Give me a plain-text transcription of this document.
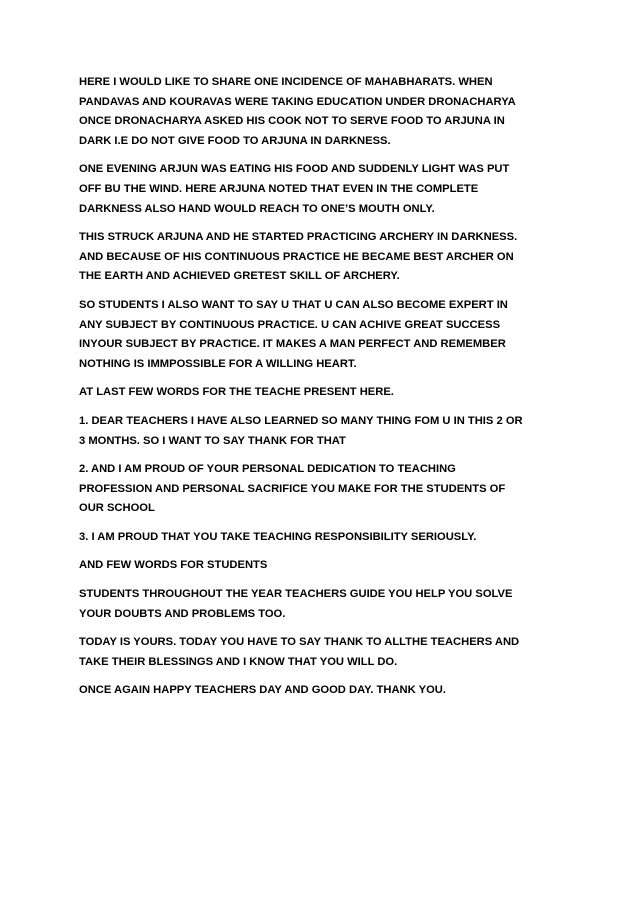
HERE I WOULD LIKE TO SHARE ONE INCIDENCE OF MAHABHARATS. WHEN
PANDAVAS AND KOURAVAS WERE TAKING EDUCATION UNDER DRONACHARYA
ONCE DRONACHARYA ASKED HIS COOK NOT TO SERVE FOOD TO ARJUNA IN
DARK I.E DO NOT GIVE FOOD TO ARJUNA IN DARKNESS.

ONE EVENING ARJUN WAS EATING HIS FOOD AND SUDDENLY LIGHT WAS PUT
OFF BU THE WIND. HERE ARJUNA NOTED THAT EVEN IN THE COMPLETE
DARKNESS ALSO HAND WOULD REACH TO ONE’S MOUTH ONLY.

THIS STRUCK ARJUNA AND HE STARTED PRACTICING ARCHERY IN DARKNESS.
AND BECAUSE OF HIS CONTINUOUS PRACTICE HE BECAME BEST ARCHER ON
THE EARTH AND ACHIEVED GRETEST SKILL OF ARCHERY.

SO STUDENTS I ALSO WANT TO SAY U THAT U CAN ALSO BECOME EXPERT IN
ANY SUBJECT BY CONTINUOUS PRACTICE. U CAN ACHIVE GREAT SUCCESS
INYOUR SUBJECT BY PRACTICE. IT MAKES A MAN PERFECT AND REMEMBER
NOTHING IS IMMPOSSIBLE FOR A WILLING HEART.

AT LAST FEW WORDS FOR THE TEACHE PRESENT HERE.

1. DEAR TEACHERS I HAVE ALSO LEARNED SO MANY THING FOM U IN THIS 2 OR
3 MONTHS. SO I WANT TO SAY THANK FOR THAT

2. AND I AM PROUD OF YOUR PERSONAL DEDICATION TO TEACHING
PROFESSION AND PERSONAL SACRIFICE YOU MAKE FOR THE STUDENTS OF
OUR SCHOOL

3. I AM PROUD THAT YOU TAKE TEACHING RESPONSIBILITY SERIOUSLY.

AND FEW WORDS FOR STUDENTS

STUDENTS THROUGHOUT THE YEAR TEACHERS GUIDE YOU HELP YOU SOLVE
YOUR DOUBTS AND PROBLEMS TOO.

TODAY IS YOURS. TODAY YOU HAVE TO SAY THANK TO ALLTHE TEACHERS AND
TAKE THEIR BLESSINGS AND I KNOW THAT YOU WILL DO.

ONCE AGAIN HAPPY TEACHERS DAY AND GOOD DAY. THANK YOU.
